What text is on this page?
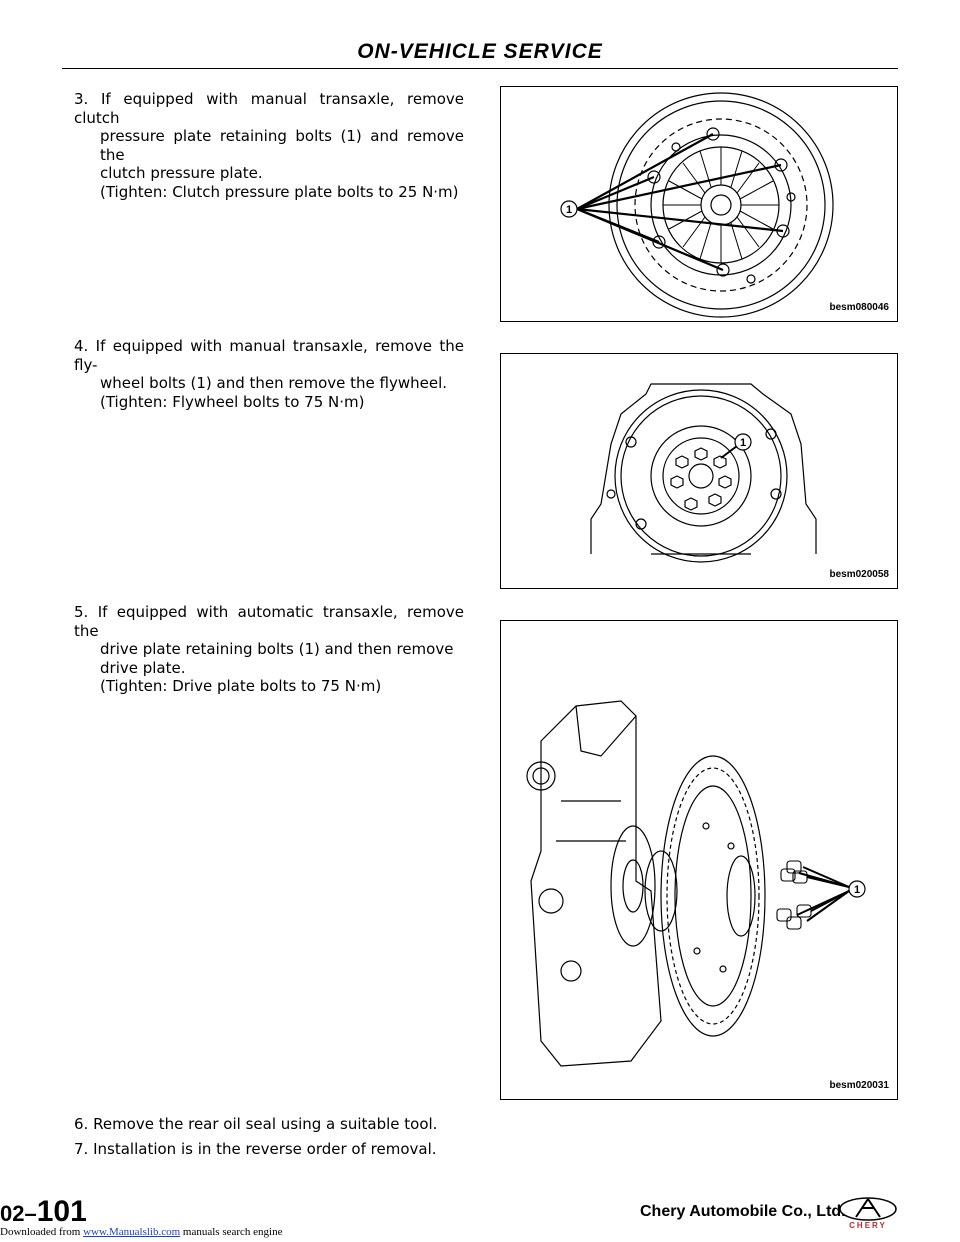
ON-VEHICLE SERVICE
3. If equipped with manual transaxle, remove clutch
pressure plate retaining bolts (1) and remove the
clutch pressure plate.
(Tighten: Clutch pressure plate bolts to 25 N·m)
4. If equipped with manual transaxle, remove the fly-
wheel bolts (1) and then remove the flywheel.
(Tighten: Flywheel bolts to 75 N·m)
5. If equipped with automatic transaxle, remove the
drive plate retaining bolts (1) and then remove
drive plate.
(Tighten: Drive plate bolts to 75 N·m)
1
besm080046
1
besm020058
1
besm020031
6. Remove the rear oil seal using a suitable tool.
7. Installation is in the reverse order of removal.
02–101	Chery Automobile Co., Ltd.
CHERY
Downloaded from www.Manualslib.com manuals search engine
